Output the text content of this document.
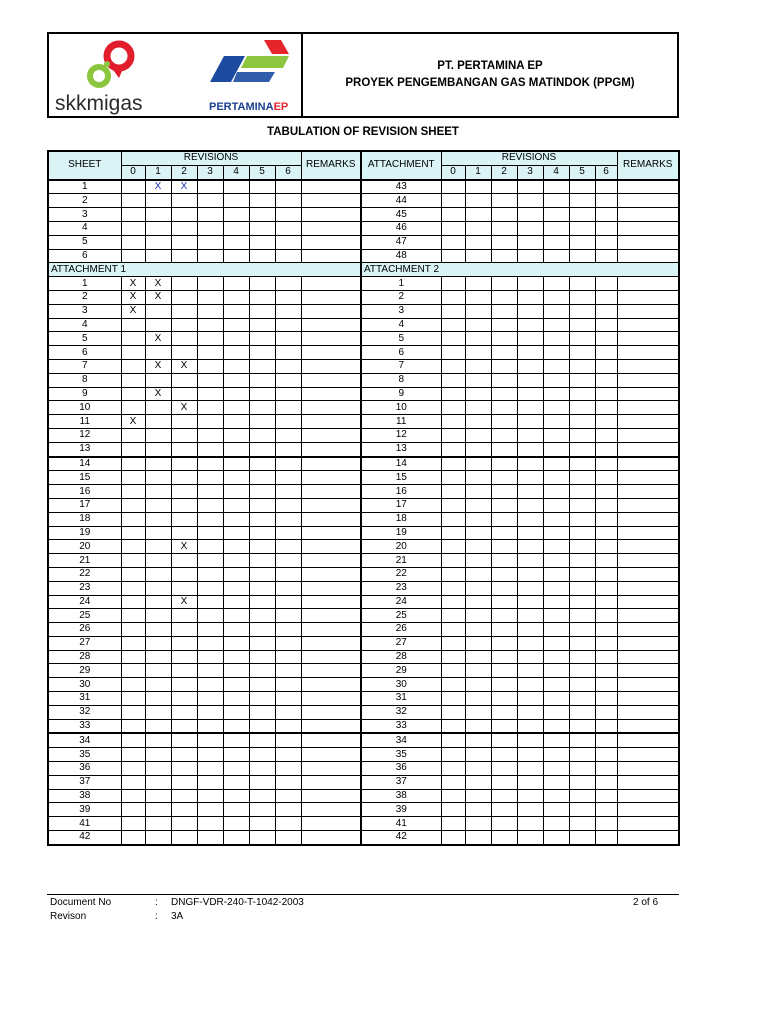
skkmigas	PERTAMINAEP
PT. PERTAMINA EP
PROYEK PENGEMBANGAN GAS MATINDOK (PPGM)
TABULATION OF REVISION SHEET
SHEET	REVISIONS							REMARKS	ATTACHMENT	REVISIONS							REMARKS
	0	1	2	3	4	5	6			0	1	2	3	4	5	6	
1		X	X						43								
2									44								
3									45								
4									46								
5									47								
6									48								
ATTACHMENT 1									ATTACHMENT 2								
1	X	X							1								
2	X	X							2								
3	X								3								
4									4								
5		X							5								
6									6								
7		X	X						7								
8									8								
9		X							9								
10			X						10								
11	X								11								
12									12								
13									13								
14									14								
15									15								
16									16								
17									17								
18									18								
19									19								
20			X						20								
21									21								
22									22								
23									23								
24			X						24								
25									25								
26									26								
27									27								
28									28								
29									29								
30									30								
31									31								
32									32								
33									33								
34									34								
35									35								
36									36								
37									37								
38									38								
39									39								
41									41								
42									42								
Document No	: DNGF-VDR-240-T-1042-2003	2 of 6
Revison	: 3A
